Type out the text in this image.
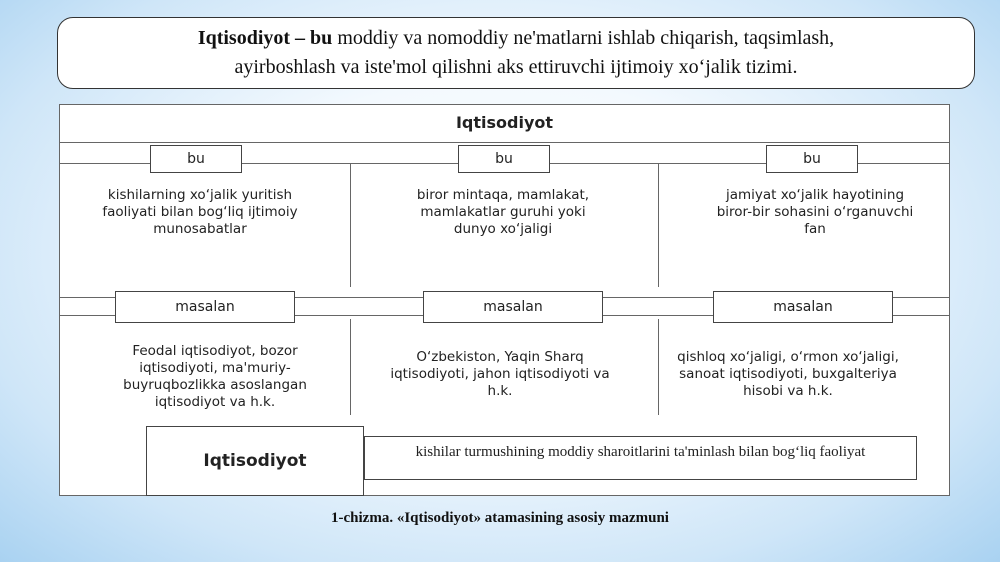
Iqtisodiyot – bu moddiy va nomoddiy ne'matlarni ishlab chiqarish, taqsimlash,
ayirboshlash va iste'mol qilishni aks ettiruvchi ijtimoiy xo‘jalik tizimi.
Iqtisodiyot
bu	bu	bu
kishilarning xo‘jalik yuritish faoliyati bilan bog‘liq ijtimoiy munosabatlar
biror mintaqa, mamlakat, mamlakatlar guruhi yoki dunyo xo‘jaligi
jamiyat xo‘jalik hayotining biror-bir sohasini o‘rganuvchi fan
masalan	masalan	masalan
Feodal iqtisodiyot, bozor iqtisodiyoti, ma'muriy-buyruqbozlikka asoslangan iqtisodiyot va h.k.
O‘zbekiston, Yaqin Sharq iqtisodiyoti, jahon iqtisodiyoti va h.k.
qishloq xo‘jaligi, o‘rmon xo‘jaligi, sanoat iqtisodiyoti, buxgalteriya hisobi va h.k.
Iqtisodiyot	kishilar turmushining moddiy sharoitlarini ta'minlash bilan bog‘liq faoliyat
1-chizma. «Iqtisodiyot» atamasining asosiy mazmuni
